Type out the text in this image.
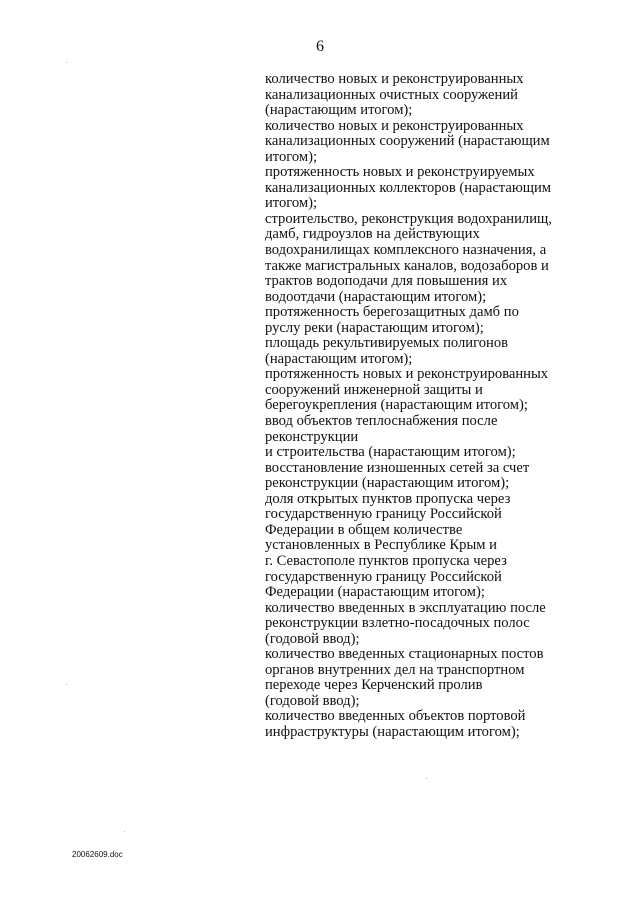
6
количество новых и реконструированных
канализационных очистных сооружений
(нарастающим итогом);
количество новых и реконструированных
канализационных сооружений (нарастающим
итогом);
протяженность новых и реконструируемых
канализационных коллекторов (нарастающим
итогом);
строительство, реконструкция водохранилищ,
дамб, гидроузлов на действующих
водохранилищах комплексного назначения, а
также магистральных каналов, водозаборов и
трактов водоподачи для повышения их
водоотдачи (нарастающим итогом);
протяженность берегозащитных дамб по
руслу реки (нарастающим итогом);
площадь рекультивируемых полигонов
(нарастающим итогом);
протяженность новых и реконструированных
сооружений инженерной защиты и
берегоукрепления (нарастающим итогом);
ввод объектов теплоснабжения после
реконструкции
и строительства (нарастающим итогом);
восстановление изношенных сетей за счет
реконструкции (нарастающим итогом);
доля открытых пунктов пропуска через
государственную границу Российской
Федерации в общем количестве
установленных в Республике Крым и
г. Севастополе пунктов пропуска через
государственную границу Российской
Федерации (нарастающим итогом);
количество введенных в эксплуатацию после
реконструкции взлетно-посадочных полос
(годовой ввод);
количество введенных стационарных постов
органов внутренних дел на транспортном
переходе через Керченский пролив
(годовой ввод);
количество введенных объектов портовой
инфраструктуры (нарастающим итогом);
20062609.doc
